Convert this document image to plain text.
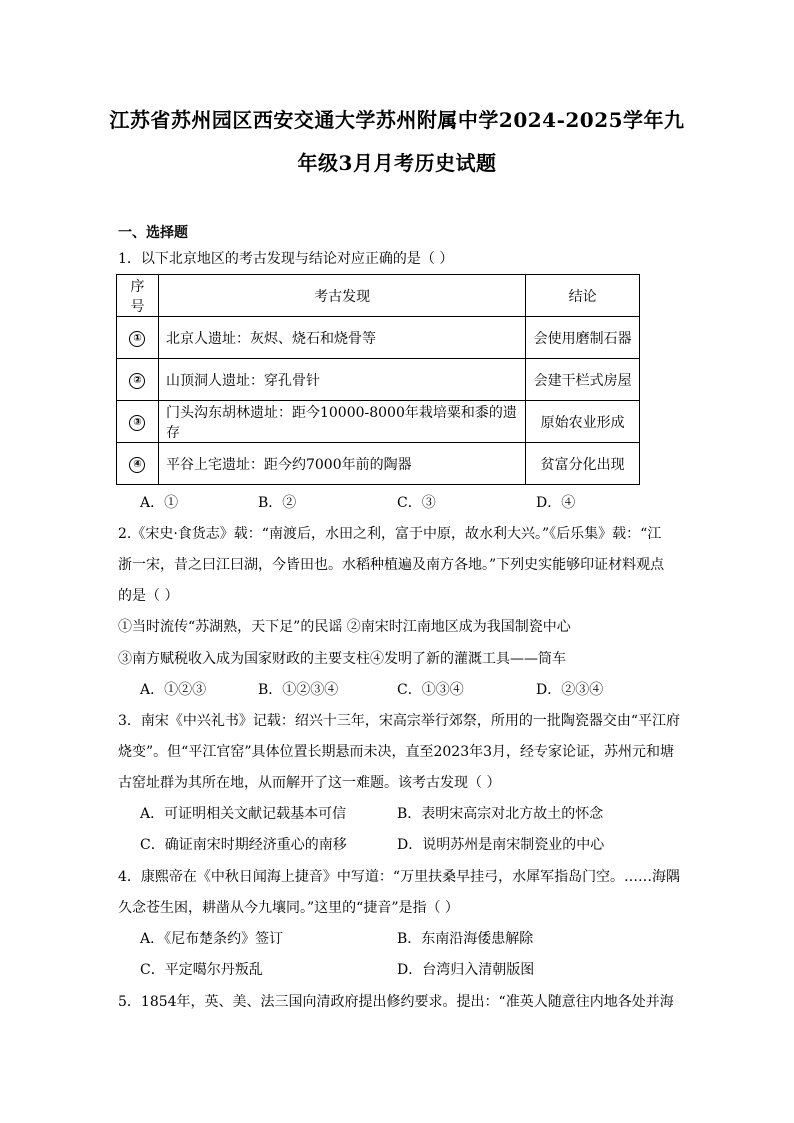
江苏省苏州园区西安交通大学苏州附属中学2024-2025学年九
年级3月月考历史试题
一、选择题
1．以下北京地区的考古发现与结论对应正确的是（ ）
序号	考古发现	结论
①	北京人遗址：灰烬、烧石和烧骨等	会使用磨制石器
②	山顶洞人遗址：穿孔骨针	会建干栏式房屋
③	门头沟东胡林遗址：距今10000-8000年栽培粟和黍的遗存	原始农业形成
④	平谷上宅遗址：距今约7000年前的陶器	贫富分化出现
A．①	B．②	C．③	D．④
2.《宋史·食货志》载：“南渡后，水田之利，富于中原，故水利大兴。”《后乐集》载：“江
浙一宋，昔之曰江曰湖，今皆田也。水稻种植遍及南方各地。”下列史实能够印证材料观点
的是（ ）
①当时流传“苏湖熟，天下足”的民谣 ②南宋时江南地区成为我国制瓷中心
③南方赋税收入成为国家财政的主要支柱④发明了新的灌溉工具——筒车
A．①②③	B．①②③④	C．①③④	D．②③④
3．南宋《中兴礼书》记载：绍兴十三年，宋高宗举行郊祭，所用的一批陶瓷器交由“平江府
烧变”。但“平江官窑”具体位置长期悬而未决，直至2023年3月，经专家论证，苏州元和塘
古窑址群为其所在地，从而解开了这一难题。该考古发现（ ）
A．可证明相关文献记载基本可信	B．表明宋高宗对北方故土的怀念
C．确证南宋时期经济重心的南移	D．说明苏州是南宋制瓷业的中心
4．康熙帝在《中秋日闻海上捷音》中写道：“万里扶桑早挂弓，水犀军指岛门空。……海隅
久念苍生困，耕凿从今九壤同。”这里的“捷音”是指（ ）
A．《尼布楚条约》签订	B．东南沿海倭患解除
C．平定噶尔丹叛乱	D．台湾归入清朝版图
5．1854年，英、美、法三国向清政府提出修约要求。提出：“准英人随意往内地各处并海
